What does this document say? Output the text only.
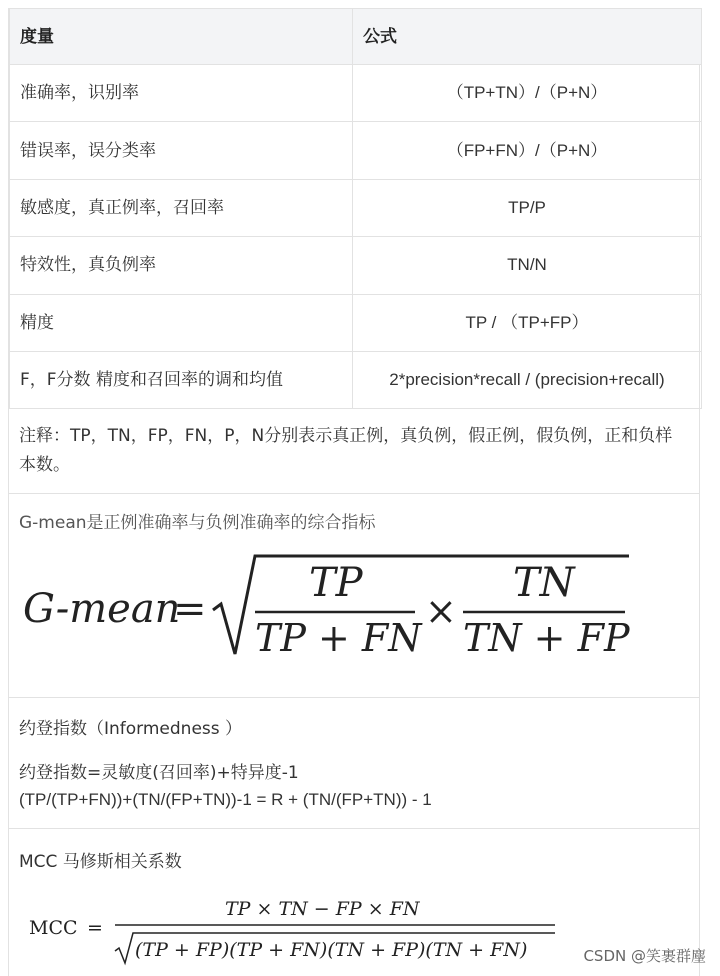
度量	公式
准确率，识别率	（TP+TN）/（P+N）
错误率，误分类率	（FP+FN）/（P+N）
敏感度，真正例率，召回率	TP/P
特效性，真负例率	TN/N
精度	TP / （TP+FP）
F，F分数 精度和召回率的调和均值	2*precision*recall / (precision+recall)
注释：TP，TN，FP，FN，P，N分别表示真正例，真负例，假正例，假负例，正和负样本数。
G-mean是正例准确率与负例准确率的综合指标
G-mean
=
TP
TP + FN
×
TN
TN + FP
约登指数（Informedness ）
约登指数=灵敏度(召回率)+特异度-1
(TP/(TP+FN))+(TN/(FP+TN))-1 = R + (TN/(FP+TN)) - 1
MCC 马修斯相关系数
MCC =
TP × TN − FP × FN
(TP + FP)(TP + FN)(TN + FP)(TN + FN)	CSDN @笑裹群麈
